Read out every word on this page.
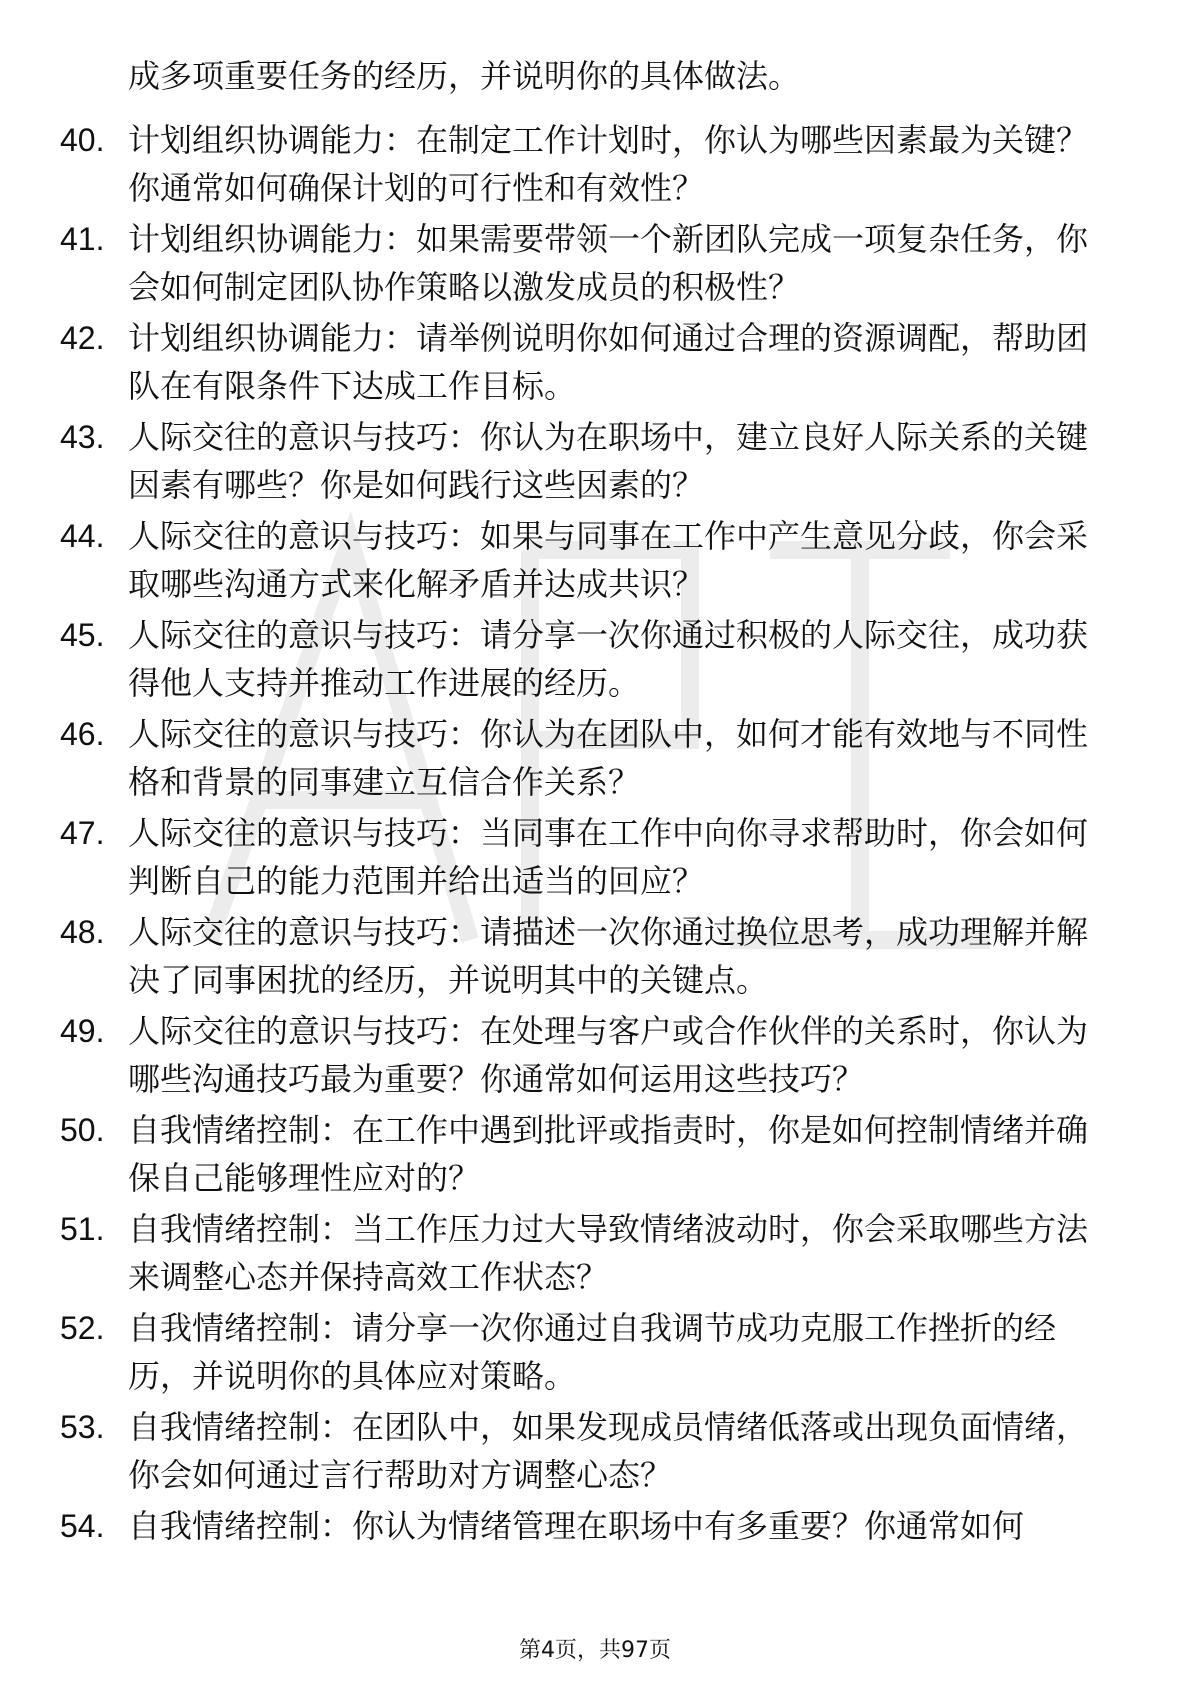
成多项重要任务的经历，并说明你的具体做法。
40. 计划组织协调能力：在制定工作计划时，你认为哪些因素最为关键？你通常如何确保计划的可行性和有效性？
41. 计划组织协调能力：如果需要带领一个新团队完成一项复杂任务，你会如何制定团队协作策略以激发成员的积极性？
42. 计划组织协调能力：请举例说明你如何通过合理的资源调配，帮助团队在有限条件下达成工作目标。
43. 人际交往的意识与技巧：你认为在职场中，建立良好人际关系的关键因素有哪些？你是如何践行这些因素的？
44. 人际交往的意识与技巧：如果与同事在工作中产生意见分歧，你会采取哪些沟通方式来化解矛盾并达成共识？
45. 人际交往的意识与技巧：请分享一次你通过积极的人际交往，成功获得他人支持并推动工作进展的经历。
46. 人际交往的意识与技巧：你认为在团队中，如何才能有效地与不同性格和背景的同事建立互信合作关系？
47. 人际交往的意识与技巧：当同事在工作中向你寻求帮助时，你会如何判断自己的能力范围并给出适当的回应？
48. 人际交往的意识与技巧：请描述一次你通过换位思考，成功理解并解决了同事困扰的经历，并说明其中的关键点。
49. 人际交往的意识与技巧：在处理与客户或合作伙伴的关系时，你认为哪些沟通技巧最为重要？你通常如何运用这些技巧？
50. 自我情绪控制：在工作中遇到批评或指责时，你是如何控制情绪并确保自己能够理性应对的？
51. 自我情绪控制：当工作压力过大导致情绪波动时，你会采取哪些方法来调整心态并保持高效工作状态？
52. 自我情绪控制：请分享一次你通过自我调节成功克服工作挫折的经历，并说明你的具体应对策略。
53. 自我情绪控制：在团队中，如果发现成员情绪低落或出现负面情绪，你会如何通过言行帮助对方调整心态？
54. 自我情绪控制：你认为情绪管理在职场中有多重要？你通常如何
第4页，共97页
